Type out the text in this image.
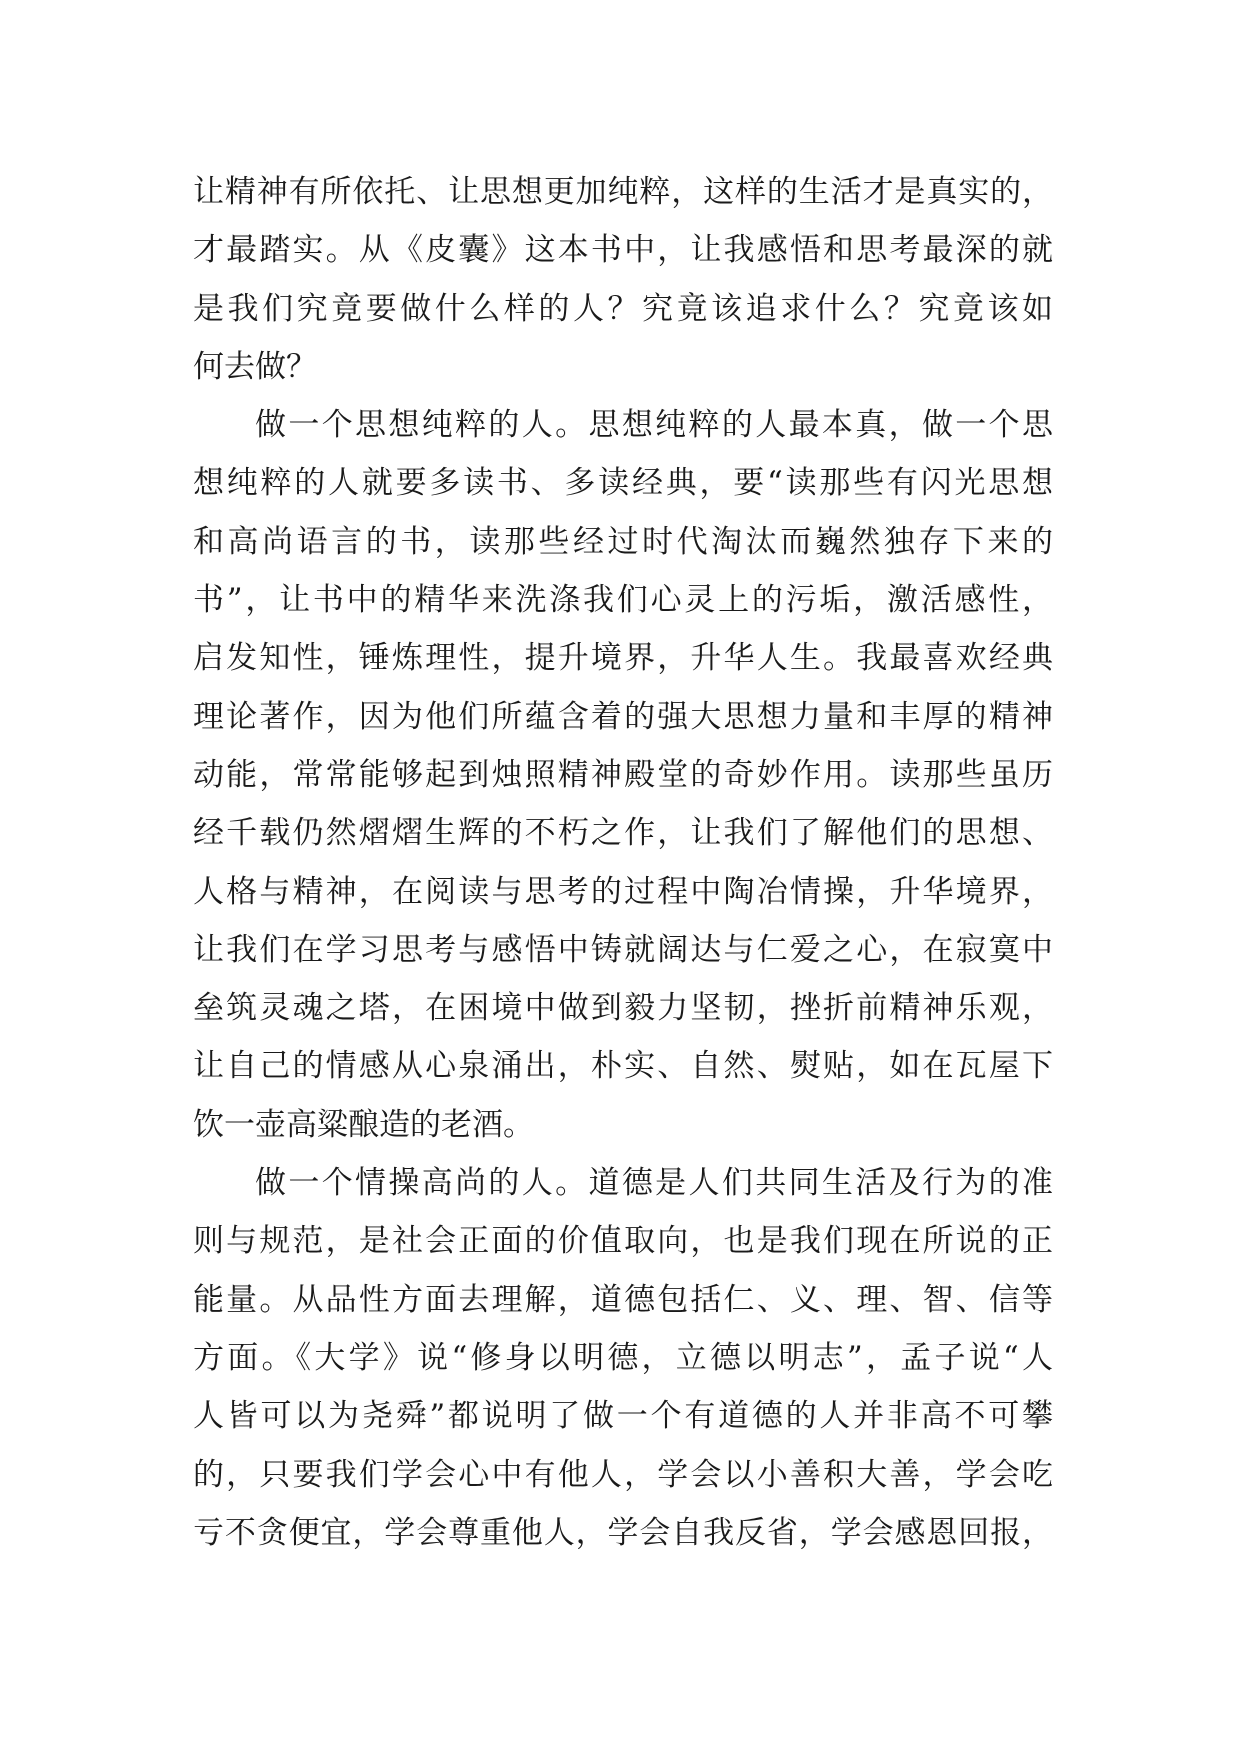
让精神有所依托、让思想更加纯粹，这样的生活才是真实的，
才最踏实。从《皮囊》这本书中，让我感悟和思考最深的就
是我们究竟要做什么样的人？究竟该追求什么？究竟该如
何去做？
做一个思想纯粹的人。思想纯粹的人最本真，做一个思
想纯粹的人就要多读书、多读经典，要“读那些有闪光思想
和高尚语言的书，读那些经过时代淘汰而巍然独存下来的
书”，让书中的精华来洗涤我们心灵上的污垢，激活感性，
启发知性，锤炼理性，提升境界，升华人生。我最喜欢经典
理论著作，因为他们所蕴含着的强大思想力量和丰厚的精神
动能，常常能够起到烛照精神殿堂的奇妙作用。读那些虽历
经千载仍然熠熠生辉的不朽之作，让我们了解他们的思想、
人格与精神，在阅读与思考的过程中陶冶情操，升华境界，
让我们在学习思考与感悟中铸就阔达与仁爱之心，在寂寞中
垒筑灵魂之塔，在困境中做到毅力坚韧，挫折前精神乐观，
让自己的情感从心泉涌出，朴实、自然、熨贴，如在瓦屋下
饮一壶高粱酿造的老酒。
做一个情操高尚的人。道德是人们共同生活及行为的准
则与规范，是社会正面的价值取向，也是我们现在所说的正
能量。从品性方面去理解，道德包括仁、义、理、智、信等
方面。《大学》说“修身以明德，立德以明志”，孟子说“人
人皆可以为尧舜”都说明了做一个有道德的人并非高不可攀
的，只要我们学会心中有他人，学会以小善积大善，学会吃
亏不贪便宜，学会尊重他人，学会自我反省，学会感恩回报，
